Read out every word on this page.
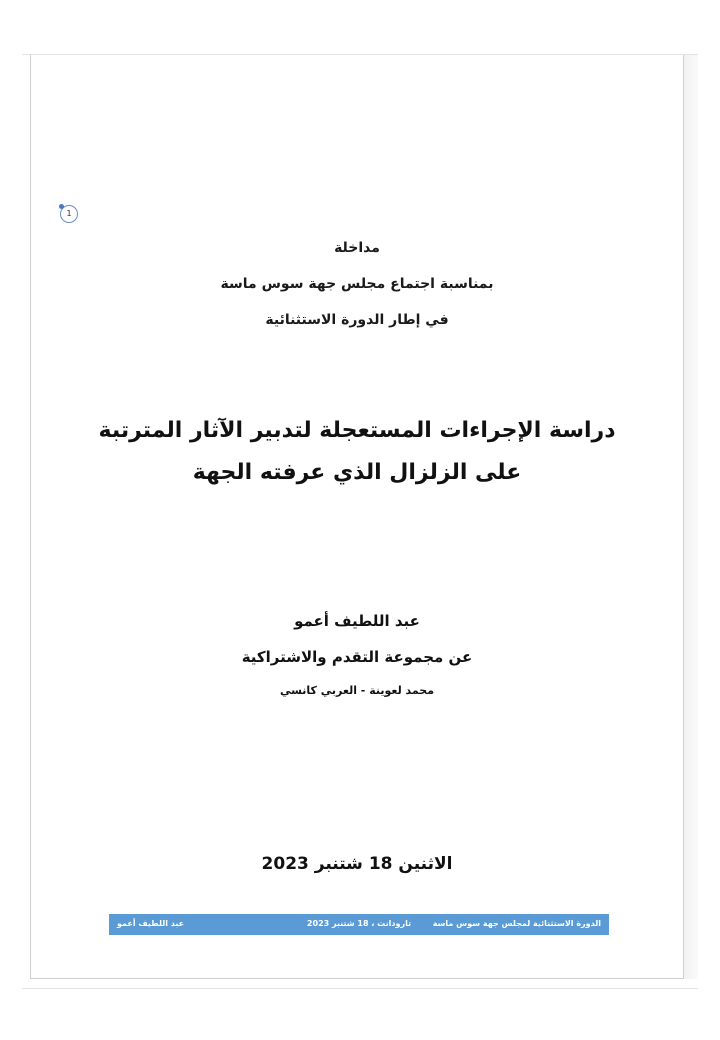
1
مداخلة
بمناسبة اجتماع مجلس جهة سوس ماسة
في إطار الدورة الاستثنائية
دراسة الإجراءات المستعجلة لتدبير الآثار المترتبة
على الزلزال الذي عرفته الجهة
عبد اللطيف أعمو
عن مجموعة التقدم والاشتراكية
محمد لعوينة - العربي كانسي
الاثنين 18 شتنبر 2023
الدورة الاستثنائية لمجلس جهة سوس ماسة
تارودانت ، 18 شتنبر 2023
عبد اللطيف أعمو
